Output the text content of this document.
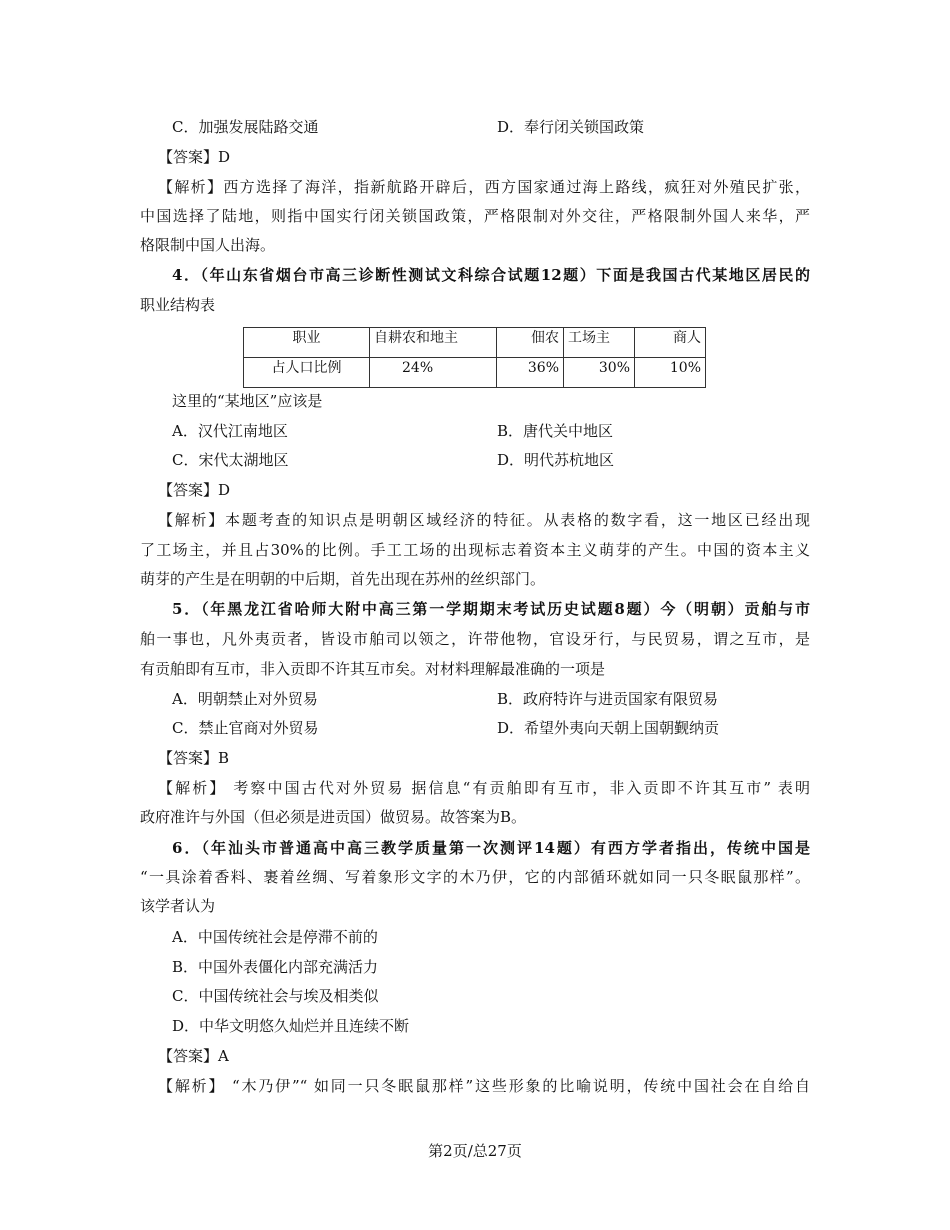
C．加强发展陆路交通	D．奉行闭关锁国政策
【答案】D
【解析】西方选择了海洋，指新航路开辟后，西方国家通过海上路线，疯狂对外殖民扩张，
中国选择了陆地，则指中国实行闭关锁国政策，严格限制对外交往，严格限制外国人来华，严
格限制中国人出海。
4．（年山东省烟台市高三诊断性测试文科综合试题12题）下面是我国古代某地区居民的
职业结构表
职业	自耕农和地主	佃农	工场主	商人
占人口比例	24%	36%	30%	10%
这里的“某地区”应该是
A．汉代江南地区	B．唐代关中地区
C．宋代太湖地区	D．明代苏杭地区
【答案】D
【解析】本题考查的知识点是明朝区域经济的特征。从表格的数字看，这一地区已经出现
了工场主，并且占30%的比例。手工工场的出现标志着资本主义萌芽的产生。中国的资本主义
萌芽的产生是在明朝的中后期，首先出现在苏州的丝织部门。
5．（年黑龙江省哈师大附中高三第一学期期末考试历史试题8题）今（明朝）贡舶与市
舶一事也，凡外夷贡者，皆设市舶司以领之，许带他物，官设牙行，与民贸易，谓之互市，是
有贡舶即有互市，非入贡即不许其互市矣。对材料理解最准确的一项是
A．明朝禁止对外贸易	B．政府特许与进贡国家有限贸易
C．禁止官商对外贸易	D．希望外夷向天朝上国朝觐纳贡
【答案】B
【解析】 考察中国古代对外贸易 据信息“有贡舶即有互市，非入贡即不许其互市” 表明
政府准许与外国（但必须是进贡国）做贸易。故答案为B。
6．（年汕头市普通高中高三教学质量第一次测评14题）有西方学者指出，传统中国是
“一具涂着香料、裹着丝绸、写着象形文字的木乃伊，它的内部循环就如同一只冬眠鼠那样”。
该学者认为
A．中国传统社会是停滞不前的
B．中国外表僵化内部充满活力
C．中国传统社会与埃及相类似
D．中华文明悠久灿烂并且连续不断
【答案】A
【解析】 “木乃伊”“ 如同一只冬眠鼠那样”这些形象的比喻说明，传统中国社会在自给自
第2页/总27页
